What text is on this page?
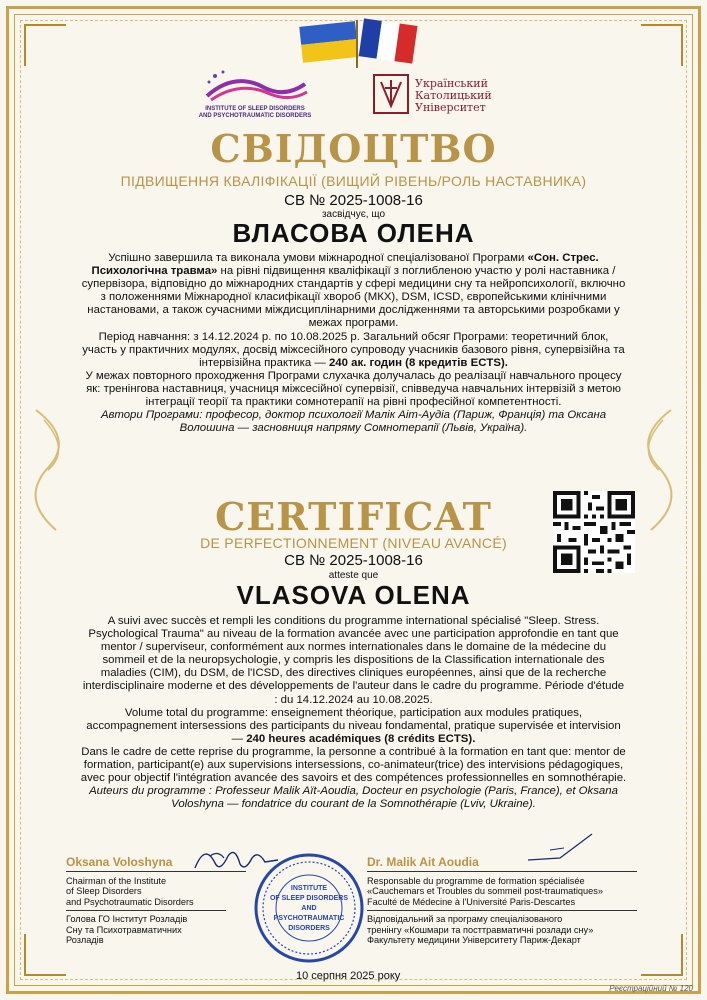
INSTITUTE OF SLEEP DISORDERS
AND PSYCHOTRAUMATIC DISORDERS
Український
Католицький
Університет
СВІДОЦТВО
ПІДВИЩЕННЯ КВАЛІФІКАЦІЇ (ВИЩИЙ РІВЕНЬ/РОЛЬ НАСТАВНИКА)
СВ № 2025-1008-16
засвідчує, що
ВЛАСОВА ОЛЕНА
Успішно завершила та виконала умови міжнародної спеціалізованої Програми «Сон. Стрес. Психологічна травма» на рівні підвищення кваліфікації з поглибленою участю у ролі наставника / супервізора, відповідно до міжнародних стандартів у сфері медицини сну та нейропсихології, включно з положеннями Міжнародної класифікації хвороб (МКХ), DSM, ICSD, європейськими клінічними настановами, а також сучасними міждисциплінарними дослідженнями та авторськими розробками у межах програми.
Період навчання: з 14.12.2024 р. по 10.08.2025 р. Загальний обсяг Програми: теоретичний блок, участь у практичних модулях, досвід міжсесійного супроводу учасників базового рівня, супервізійна та інтервізійна практика — 240 ак. годин (8 кредитів ECTS).
У межах повторного проходження Програми слухачка долучалась до реалізації навчального процесу як: тренінгова наставниця, учасниця міжсесійної супервізії, співведуча навчальних інтервізій з метою інтеграції теорії та практики сомнотерапії на рівні професійної компетентності.
Автори Програми: професор, доктор психології Малік Аіт-Аудіа (Париж, Франція) та Оксана Волошина — засновниця напряму Сомнотерапії (Львів, Україна).
CERTIFICAT
DE PERFECTIONNEMENT (NIVEAU AVANCÉ)
СВ № 2025-1008-16
atteste que
VLASOVA OLENA
A suivi avec succès et rempli les conditions du programme international spécialisé "Sleep. Stress. Psychological Trauma" au niveau de la formation avancée avec une participation approfondie en tant que mentor / superviseur, conformément aux normes internationales dans le domaine de la médecine du sommeil et de la neuropsychologie, y compris les dispositions de la Classification internationale des maladies (CIM), du DSM, de l'ICSD, des directives cliniques européennes, ainsi que de la recherche interdisciplinaire moderne et des développements de l'auteur dans le cadre du programme. Période d'étude : du 14.12.2024 au 10.08.2025.
Volume total du programme: enseignement théorique, participation aux modules pratiques, accompagnement intersessions des participants du niveau fondamental, pratique supervisée et intervision — 240 heures académiques (8 crédits ECTS).
Dans le cadre de cette reprise du programme, la personne a contribué à la formation en tant que: mentor de formation, participant(e) aux supervisions intersessions, co-animateur(trice) des intervisions pédagogiques, avec pour objectif l'intégration avancée des savoirs et des compétences professionnelles en somnothérapie. Auteurs du programme : Professeur Malik Aït-Aoudia, Docteur en psychologie (Paris, France), et Oksana Voloshyna — fondatrice du courant de la Somnothérapie (Lviv, Ukraine).
Oksana Voloshyna
Chairman of the Institute
of Sleep Disorders
and Psychotraumatic Disorders
Голова ГО Інститут Розладів
Сну та Психотравматичних
Розладів
Dr. Malik Ait Aoudia
Responsable du programme de formation spécialisée
«Cauchemars et Troubles du sommeil post-traumatiques»
Faculté de Médecine à l'Université Paris-Descartes
Відповідальний за програму спеціалізованого
тренінгу «Кошмари та посттравматичні розлади сну»
Факультету медицини Університету Париж-Декарт
INSTITUTE
OF SLEEP DISORDERS
AND
PSYCHOTRAUMATIC
DISORDERS
10 серпня 2025 року
Реєстраційний № 120
